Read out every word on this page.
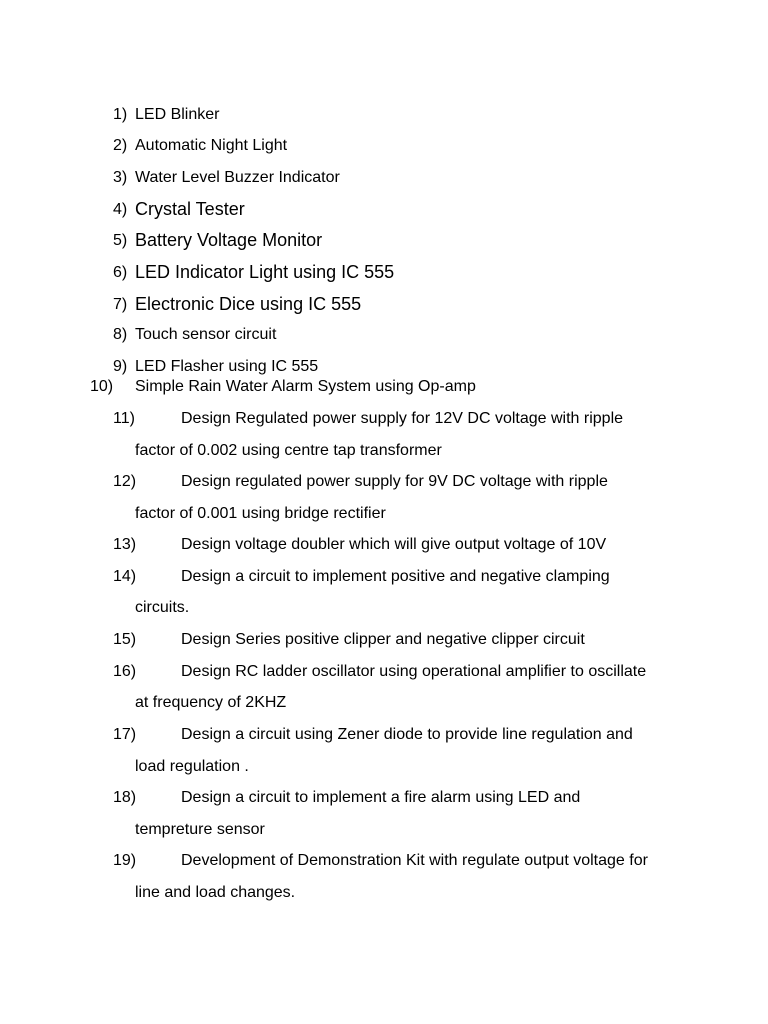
1) LED Blinker
2) Automatic Night Light
3) Water Level Buzzer Indicator
4) Crystal Tester
5) Battery Voltage Monitor
6) LED Indicator Light using IC 555
7) Electronic Dice using IC 555
8) Touch sensor circuit
9) LED Flasher using IC 555
10) Simple Rain Water Alarm System using Op-amp
11)	Design Regulated power supply for 12V DC voltage with ripple
factor of 0.002 using centre tap transformer
12)	Design regulated power supply for 9V DC voltage with ripple
factor of 0.001 using bridge rectifier
13)	Design voltage doubler which will give output voltage of 10V
14)	Design a circuit to implement positive and negative clamping
circuits.
15)	Design Series positive clipper and negative clipper circuit
16)	Design RC ladder oscillator using operational amplifier to oscillate
at frequency of 2KHZ
17)	Design a circuit using Zener diode to provide line regulation and
load regulation .
18)	Design a circuit to implement a fire alarm using LED and
tempreture sensor
19)	Development of Demonstration Kit with regulate output voltage for
line and load changes.
